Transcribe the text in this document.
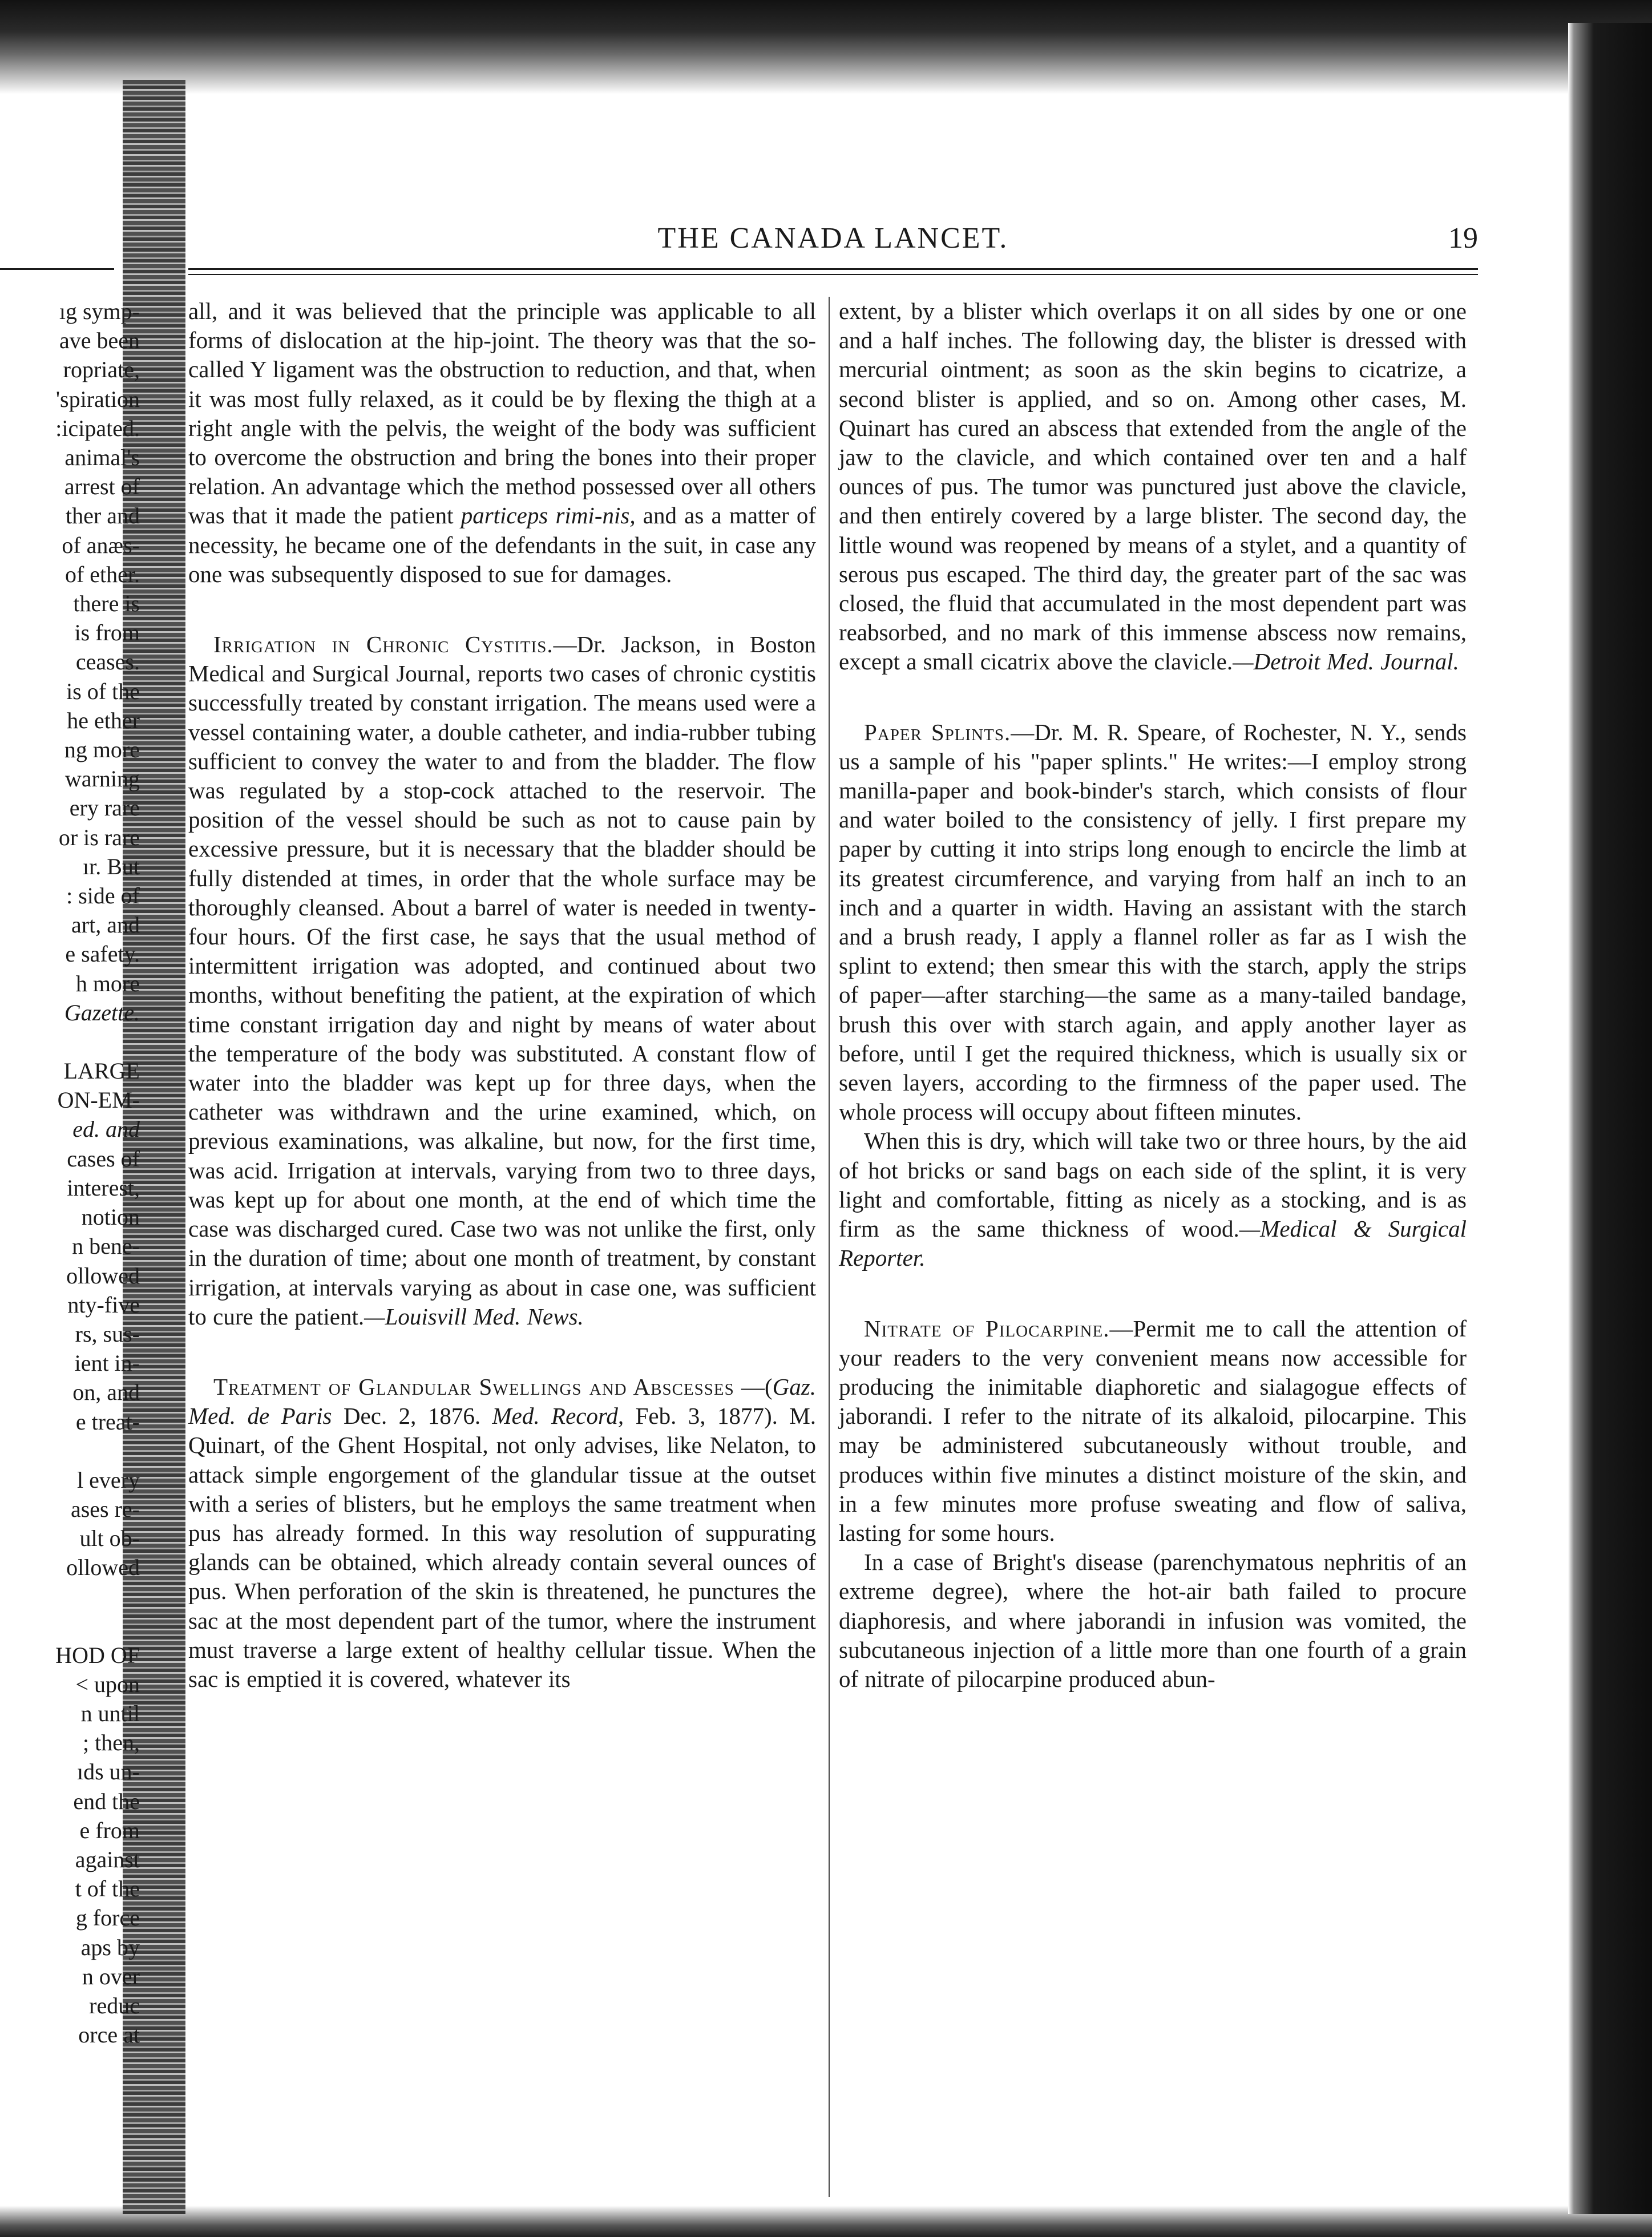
THE CANADA LANCET.	19
ıg symp-
ave been
ropriate,
'spiration
:icipated.
animal's
arrest of
ther and
of anæs-
of ether.
there is
is from
ceases.
is of the
he ether
ng more
warning
ery rare
or is rare
ır. But
: side of
art, and
e safety.
h more
Gazette.
LARGE
ON-EM-
ed. and
cases of
interest,
notion
n bene-
ollowed
nty-five
rs, sus-
ient in-
on, and
e treat-
l every
ases re-
ult ob-
ollowed
HOD OF
< upon
n until
; then,
ıds un-
end the
e from
against
t of the
g force
aps by
n over
reduc
orce at

all, and it was believed that the principle was applicable to all forms of dislocation at the hip-joint. The theory was that the so-called Y ligament was the obstruction to reduction, and that, when it was most fully relaxed, as it could be by flexing the thigh at a right angle with the pelvis, the weight of the body was sufficient to overcome the obstruction and bring the bones into their proper relation. An advantage which the method possessed over all others was that it made the patient particeps rimi-nis, and as a matter of necessity, he became one of the defendants in the suit, in case any one was subsequently disposed to sue for damages.

Irrigation in Chronic Cystitis.—Dr. Jackson, in Boston Medical and Surgical Journal, reports two cases of chronic cystitis successfully treated by constant irrigation. The means used were a vessel containing water, a double catheter, and india-rubber tubing sufficient to convey the water to and from the bladder. The flow was regulated by a stop-cock attached to the reservoir. The position of the vessel should be such as not to cause pain by excessive pressure, but it is necessary that the bladder should be fully distended at times, in order that the whole surface may be thoroughly cleansed. About a barrel of water is needed in twenty-four hours. Of the first case, he says that the usual method of intermittent irrigation was adopted, and continued about two months, without benefiting the patient, at the expiration of which time constant irrigation day and night by means of water about the temperature of the body was substituted. A constant flow of water into the bladder was kept up for three days, when the catheter was withdrawn and the urine examined, which, on previous examinations, was alkaline, but now, for the first time, was acid. Irrigation at intervals, varying from two to three days, was kept up for about one month, at the end of which time the case was discharged cured. Case two was not unlike the first, only in the duration of time; about one month of treatment, by constant irrigation, at intervals varying as about in case one, was sufficient to cure the patient.—Louisvill Med. News.

Treatment of Glandular Swellings and Abscesses —(Gaz. Med. de Paris Dec. 2, 1876. Med. Record, Feb. 3, 1877). M. Quinart, of the Ghent Hospital, not only advises, like Nelaton, to attack simple engorgement of the glandular tissue at the outset with a series of blisters, but he employs the same treatment when pus has already formed. In this way resolution of suppurating glands can be obtained, which already contain several ounces of pus. When perforation of the skin is threatened, he punctures the sac at the most dependent part of the tumor, where the instrument must traverse a large extent of healthy cellular tissue. When the sac is emptied it is covered, whatever its

extent, by a blister which overlaps it on all sides by one or one and a half inches. The following day, the blister is dressed with mercurial ointment; as soon as the skin begins to cicatrize, a second blister is applied, and so on. Among other cases, M. Quinart has cured an abscess that extended from the angle of the jaw to the clavicle, and which contained over ten and a half ounces of pus. The tumor was punctured just above the clavicle, and then entirely covered by a large blister. The second day, the little wound was reopened by means of a stylet, and a quantity of serous pus escaped. The third day, the greater part of the sac was closed, the fluid that accumulated in the most dependent part was reabsorbed, and no mark of this immense abscess now remains, except a small cicatrix above the clavicle.—Detroit Med. Journal.

Paper Splints.—Dr. M. R. Speare, of Rochester, N. Y., sends us a sample of his "paper splints." He writes:—I employ strong manilla-paper and book-binder's starch, which consists of flour and water boiled to the consistency of jelly. I first prepare my paper by cutting it into strips long enough to encircle the limb at its greatest circumference, and varying from half an inch to an inch and a quarter in width. Having an assistant with the starch and a brush ready, I apply a flannel roller as far as I wish the splint to extend; then smear this with the starch, apply the strips of paper—after starching—the same as a many-tailed bandage, brush this over with starch again, and apply another layer as before, until I get the required thickness, which is usually six or seven layers, according to the firmness of the paper used. The whole process will occupy about fifteen minutes.

When this is dry, which will take two or three hours, by the aid of hot bricks or sand bags on each side of the splint, it is very light and comfortable, fitting as nicely as a stocking, and is as firm as the same thickness of wood.—Medical & Surgical Reporter.

Nitrate of Pilocarpine.—Permit me to call the attention of your readers to the very convenient means now accessible for producing the inimitable diaphoretic and sialagogue effects of jaborandi. I refer to the nitrate of its alkaloid, pilocarpine. This may be administered subcutaneously without trouble, and produces within five minutes a distinct moisture of the skin, and in a few minutes more profuse sweating and flow of saliva, lasting for some hours.

In a case of Bright's disease (parenchymatous nephritis of an extreme degree), where the hot-air bath failed to procure diaphoresis, and where jaborandi in infusion was vomited, the subcutaneous injection of a little more than one fourth of a grain of nitrate of pilocarpine produced abun-
